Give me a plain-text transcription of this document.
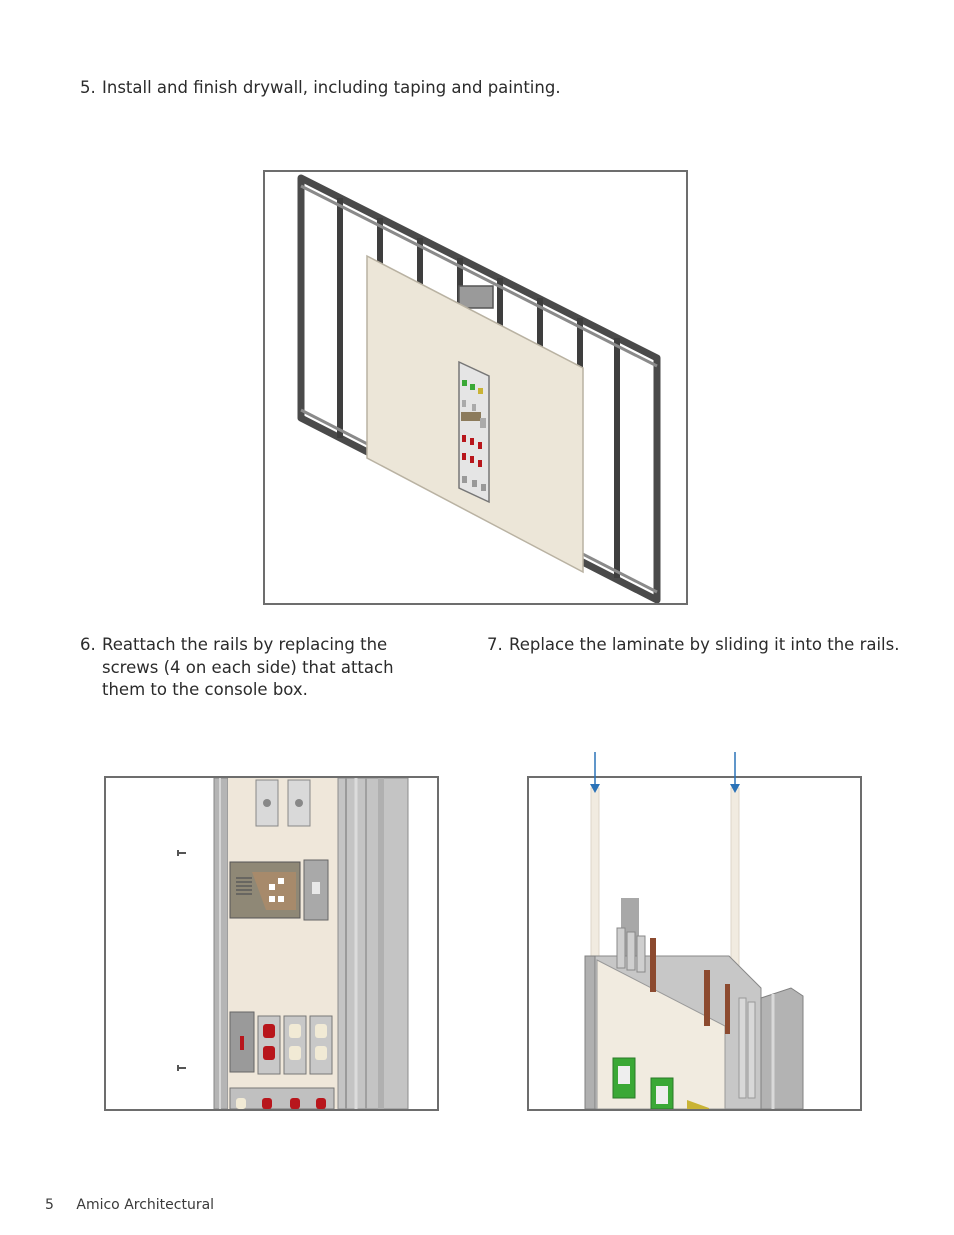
5. Install and finish drywall, including taping and painting.
6. Reattach the rails by replacing the screws (4 on each side) that attach them to the console box.
7. Replace the laminate by sliding it into the rails.
5 Amico Architectural
